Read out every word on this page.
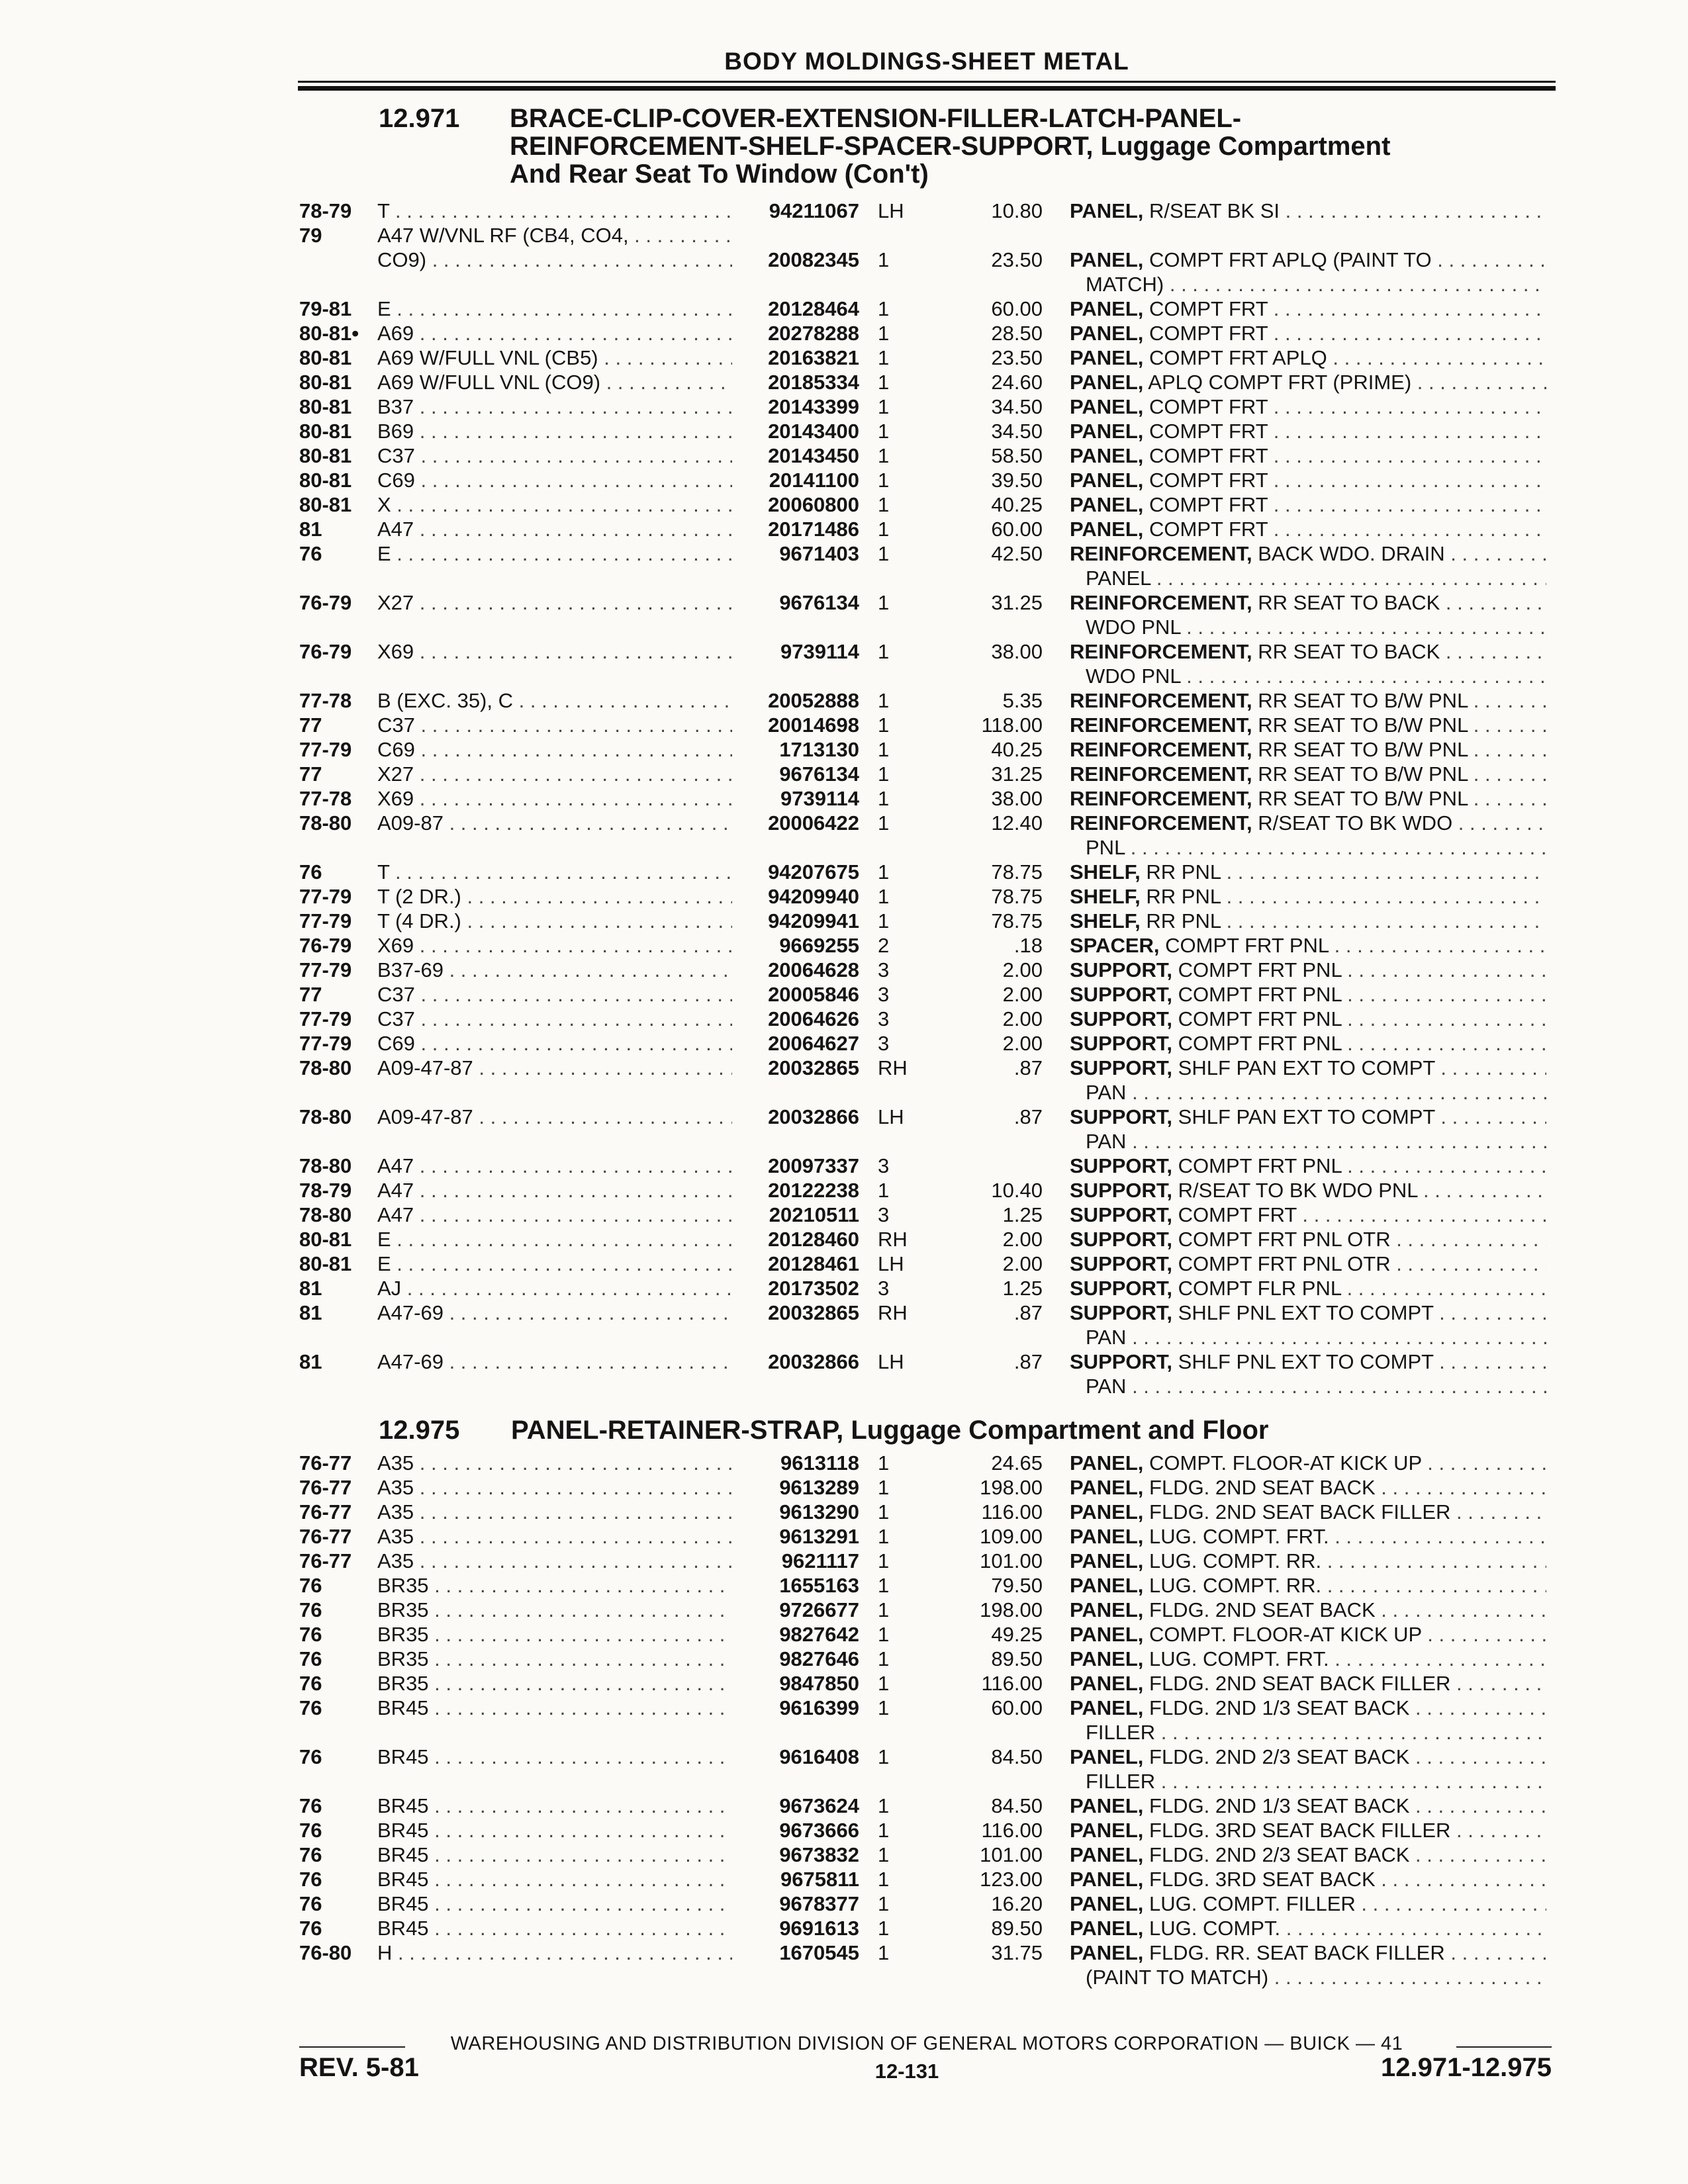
BODY MOLDINGS-SHEET METAL
12.971 BRACE-CLIP-COVER-EXTENSION-FILLER-LATCH-PANEL-
REINFORCEMENT-SHELF-SPACER-SUPPORT, Luggage Compartment
And Rear Seat To Window (Con't)
12.975 PANEL-RETAINER-STRAP, Luggage Compartment and Floor
78-79 T . . .	94211067 LH	10.80 PANEL, R/SEAT BK SI . . .
79	A47 W/VNL RF (CB4, CO4, . . .
CO9) . . .	20082345 1	23.50 PANEL, COMPT FRT APLQ (PAINT TO . . .
MATCH) . . .
79-81 E . . .	20128464 1	60.00 PANEL, COMPT FRT . . .
80-81• A69 . . .	20278288 1	28.50 PANEL, COMPT FRT . . .
80-81 A69 W/FULL VNL (CB5) . . .	20163821 1	23.50 PANEL, COMPT FRT APLQ . . .
80-81 A69 W/FULL VNL (CO9) . . .	20185334 1	24.60 PANEL, APLQ COMPT FRT (PRIME) . . .
80-81 B37 . . .	20143399 1	34.50 PANEL, COMPT FRT . . .
80-81 B69 . . .	20143400 1	34.50 PANEL, COMPT FRT . . .
80-81 C37 . . .	20143450 1	58.50 PANEL, COMPT FRT . . .
80-81 C69 . . .	20141100 1	39.50 PANEL, COMPT FRT . . .
80-81 X . . .	20060800 1	40.25 PANEL, COMPT FRT . . .
81	A47 . . .	20171486 1	60.00 PANEL, COMPT FRT . . .
76	E . . .	9671403 1	42.50 REINFORCEMENT, BACK WDO. DRAIN . . .
PANEL . . .
76-79 X27 . . .	9676134 1	31.25 REINFORCEMENT, RR SEAT TO BACK . . .
WDO PNL . . .
76-79 X69 . . .	9739114 1	38.00 REINFORCEMENT, RR SEAT TO BACK . . .
WDO PNL . . .
77-78 B (EXC. 35), C . . .	20052888 1	5.35 REINFORCEMENT, RR SEAT TO B/W PNL . . .
77	C37 . . .	20014698 1	118.00 REINFORCEMENT, RR SEAT TO B/W PNL . . .
77-79 C69 . . .	1713130 1	40.25 REINFORCEMENT, RR SEAT TO B/W PNL . . .
77	X27 . . .	9676134 1	31.25 REINFORCEMENT, RR SEAT TO B/W PNL . . .
77-78 X69 . . .	9739114 1	38.00 REINFORCEMENT, RR SEAT TO B/W PNL . . .
78-80 A09-87 . . .	20006422 1	12.40 REINFORCEMENT, R/SEAT TO BK WDO . . .
PNL . . .
76	T . . .	94207675 1	78.75 SHELF, RR PNL . . .
77-79 T (2 DR.) . . .	94209940 1	78.75 SHELF, RR PNL . . .
77-79 T (4 DR.) . . .	94209941 1	78.75 SHELF, RR PNL . . .
76-79 X69 . . .	9669255 2	.18 SPACER, COMPT FRT PNL . . .
77-79 B37-69 . . .	20064628 3	2.00 SUPPORT, COMPT FRT PNL . . .
77	C37 . . .	20005846 3	2.00 SUPPORT, COMPT FRT PNL . . .
77-79 C37 . . .	20064626 3	2.00 SUPPORT, COMPT FRT PNL . . .
77-79 C69 . . .	20064627 3	2.00 SUPPORT, COMPT FRT PNL . . .
78-80 A09-47-87 . . .	20032865 RH	.87 SUPPORT, SHLF PAN EXT TO COMPT . . .
PAN . . .
78-80 A09-47-87 . . .	20032866 LH	.87 SUPPORT, SHLF PAN EXT TO COMPT . . .
PAN . . .
78-80 A47 . . .	20097337 3	SUPPORT, COMPT FRT PNL . . .
78-79 A47 . . .	20122238 1	10.40 SUPPORT, R/SEAT TO BK WDO PNL . . .
78-80 A47 . . .	20210511 3	1.25 SUPPORT, COMPT FRT . . .
80-81 E . . .	20128460 RH	2.00 SUPPORT, COMPT FRT PNL OTR . . .
80-81 E . . .	20128461 LH	2.00 SUPPORT, COMPT FRT PNL OTR . . .
81	AJ . . .	20173502 3	1.25 SUPPORT, COMPT FLR PNL . . .
81	A47-69 . . .	20032865 RH	.87 SUPPORT, SHLF PNL EXT TO COMPT . . .
PAN . . .
81	A47-69 . . .	20032866 LH	.87 SUPPORT, SHLF PNL EXT TO COMPT . . .
PAN . . .
76-77 A35 . . .	9613118 1	24.65 PANEL, COMPT. FLOOR-AT KICK UP . . .
76-77 A35 . . .	9613289 1	198.00 PANEL, FLDG. 2ND SEAT BACK . . .
76-77 A35 . . .	9613290 1	116.00 PANEL, FLDG. 2ND SEAT BACK FILLER . . .
76-77 A35 . . .	9613291 1	109.00 PANEL, LUG. COMPT. FRT. . . .
76-77 A35 . . .	9621117 1	101.00 PANEL, LUG. COMPT. RR. . . .
76	BR35 . . .	1655163 1	79.50 PANEL, LUG. COMPT. RR. . . .
76	BR35 . . .	9726677 1	198.00 PANEL, FLDG. 2ND SEAT BACK . . .
76	BR35 . . .	9827642 1	49.25 PANEL, COMPT. FLOOR-AT KICK UP . . .
76	BR35 . . .	9827646 1	89.50 PANEL, LUG. COMPT. FRT. . . .
76	BR35 . . .	9847850 1	116.00 PANEL, FLDG. 2ND SEAT BACK FILLER . . .
76	BR45 . . .	9616399 1	60.00 PANEL, FLDG. 2ND 1/3 SEAT BACK . . .
FILLER . . .
76	BR45 . . .	9616408 1	84.50 PANEL, FLDG. 2ND 2/3 SEAT BACK . . .
FILLER . . .
76	BR45 . . .	9673624 1	84.50 PANEL, FLDG. 2ND 1/3 SEAT BACK . . .
76	BR45 . . .	9673666 1	116.00 PANEL, FLDG. 3RD SEAT BACK FILLER . . .
76	BR45 . . .	9673832 1	101.00 PANEL, FLDG. 2ND 2/3 SEAT BACK . . .
76	BR45 . . .	9675811 1	123.00 PANEL, FLDG. 3RD SEAT BACK . . .
76	BR45 . . .	9678377 1	16.20 PANEL, LUG. COMPT. FILLER . . .
76	BR45 . . .	9691613 1	89.50 PANEL, LUG. COMPT. . . .
76-80 H . . .	1670545 1	31.75 PANEL, FLDG. RR. SEAT BACK FILLER . . .
(PAINT TO MATCH) . . .
WAREHOUSING AND DISTRIBUTION DIVISION OF GENERAL MOTORS CORPORATION — BUICK — 41
REV. 5-81	12-131	12.971-12.975
